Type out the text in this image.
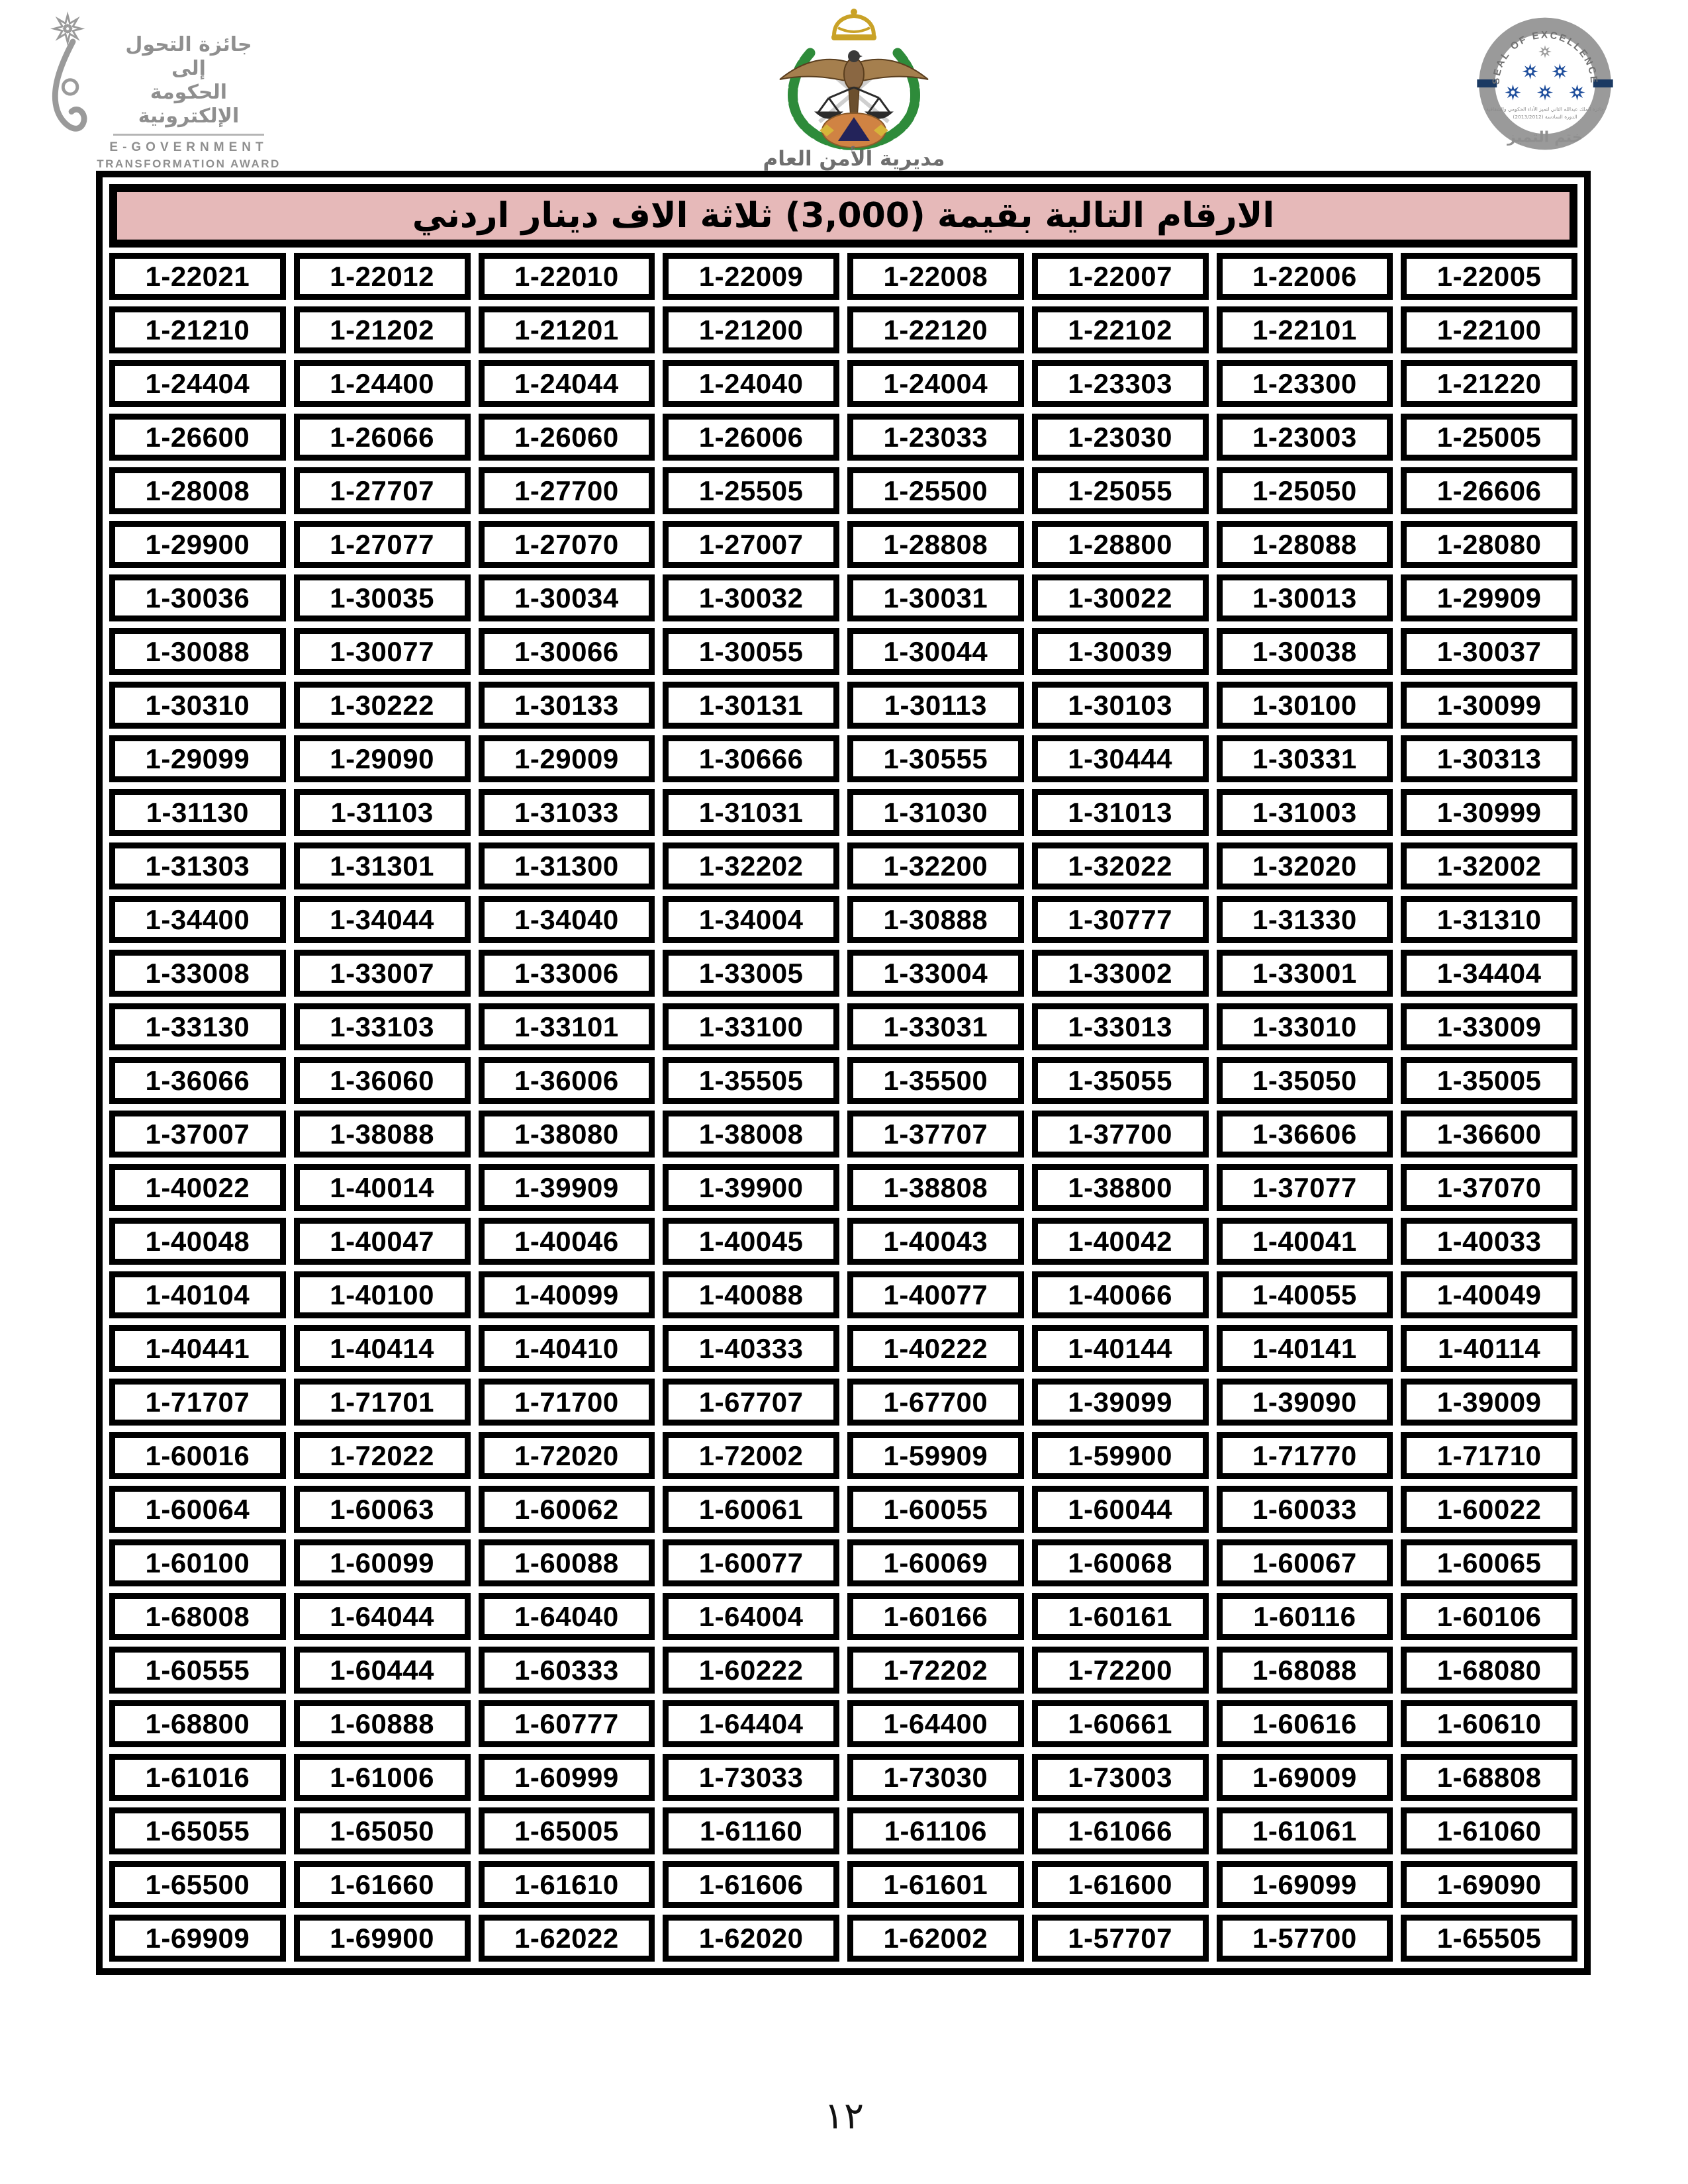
جائزة التحول إلى
الحكومة الإلكترونية
E-GOVERNMENT
TRANSFORMATION AWARD	مديرية الأمن العام
SEAL OF EXCELLENCE
جائزة الملك عبدالله الثاني لتميز الأداء الحكومي والشفافية
الدورة السادسة (2013/2012)
ختم التميز
الارقام التالية بقيمة (3,000) ثلاثة الاف دينار اردني
1-22021	1-22012	1-22010	1-22009	1-22008	1-22007	1-22006	1-22005
1-21210	1-21202	1-21201	1-21200	1-22120	1-22102	1-22101	1-22100
1-24404	1-24400	1-24044	1-24040	1-24004	1-23303	1-23300	1-21220
1-26600	1-26066	1-26060	1-26006	1-23033	1-23030	1-23003	1-25005
1-28008	1-27707	1-27700	1-25505	1-25500	1-25055	1-25050	1-26606
1-29900	1-27077	1-27070	1-27007	1-28808	1-28800	1-28088	1-28080
1-30036	1-30035	1-30034	1-30032	1-30031	1-30022	1-30013	1-29909
1-30088	1-30077	1-30066	1-30055	1-30044	1-30039	1-30038	1-30037
1-30310	1-30222	1-30133	1-30131	1-30113	1-30103	1-30100	1-30099
1-29099	1-29090	1-29009	1-30666	1-30555	1-30444	1-30331	1-30313
1-31130	1-31103	1-31033	1-31031	1-31030	1-31013	1-31003	1-30999
1-31303	1-31301	1-31300	1-32202	1-32200	1-32022	1-32020	1-32002
1-34400	1-34044	1-34040	1-34004	1-30888	1-30777	1-31330	1-31310
1-33008	1-33007	1-33006	1-33005	1-33004	1-33002	1-33001	1-34404
1-33130	1-33103	1-33101	1-33100	1-33031	1-33013	1-33010	1-33009
1-36066	1-36060	1-36006	1-35505	1-35500	1-35055	1-35050	1-35005
1-37007	1-38088	1-38080	1-38008	1-37707	1-37700	1-36606	1-36600
1-40022	1-40014	1-39909	1-39900	1-38808	1-38800	1-37077	1-37070
1-40048	1-40047	1-40046	1-40045	1-40043	1-40042	1-40041	1-40033
1-40104	1-40100	1-40099	1-40088	1-40077	1-40066	1-40055	1-40049
1-40441	1-40414	1-40410	1-40333	1-40222	1-40144	1-40141	1-40114
1-71707	1-71701	1-71700	1-67707	1-67700	1-39099	1-39090	1-39009
1-60016	1-72022	1-72020	1-72002	1-59909	1-59900	1-71770	1-71710
1-60064	1-60063	1-60062	1-60061	1-60055	1-60044	1-60033	1-60022
1-60100	1-60099	1-60088	1-60077	1-60069	1-60068	1-60067	1-60065
1-68008	1-64044	1-64040	1-64004	1-60166	1-60161	1-60116	1-60106
1-60555	1-60444	1-60333	1-60222	1-72202	1-72200	1-68088	1-68080
1-68800	1-60888	1-60777	1-64404	1-64400	1-60661	1-60616	1-60610
1-61016	1-61006	1-60999	1-73033	1-73030	1-73003	1-69009	1-68808
1-65055	1-65050	1-65005	1-61160	1-61106	1-61066	1-61061	1-61060
1-65500	1-61660	1-61610	1-61606	1-61601	1-61600	1-69099	1-69090
1-69909	1-69900	1-62022	1-62020	1-62002	1-57707	1-57700	1-65505
١٢
